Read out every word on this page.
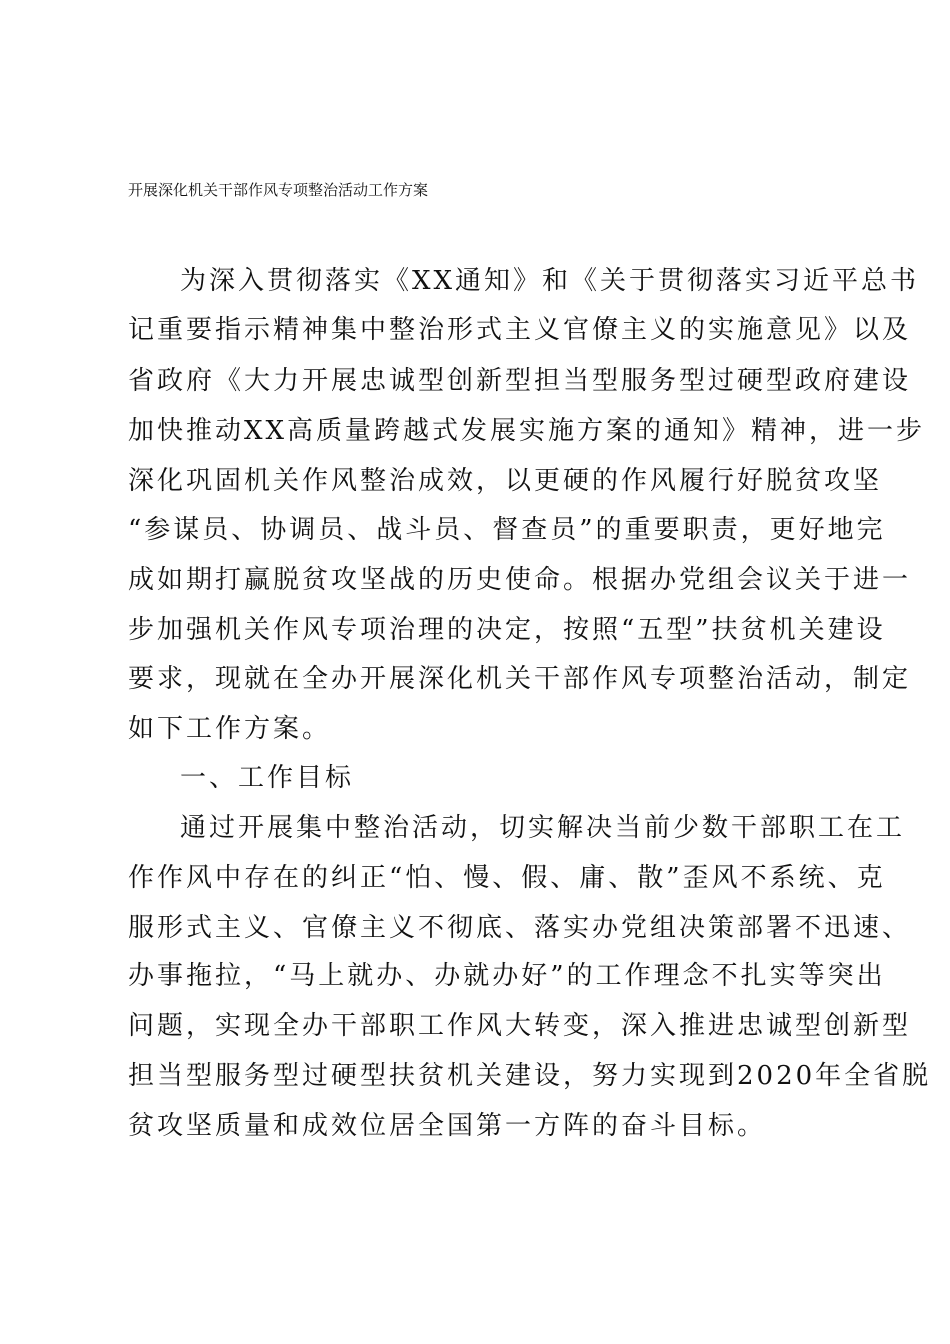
开展深化机关干部作风专项整治活动工作方案
为深入贯彻落实《XX通知》和《关于贯彻落实习近平总书
记重要指示精神集中整治形式主义官僚主义的实施意见》以及
省政府《大力开展忠诚型创新型担当型服务型过硬型政府建设
加快推动XX高质量跨越式发展实施方案的通知》精神，进一步
深化巩固机关作风整治成效，以更硬的作风履行好脱贫攻坚
“参谋员、协调员、战斗员、督查员”的重要职责，更好地完
成如期打赢脱贫攻坚战的历史使命。根据办党组会议关于进一
步加强机关作风专项治理的决定，按照“五型”扶贫机关建设
要求，现就在全办开展深化机关干部作风专项整治活动，制定
如下工作方案。
一、工作目标
通过开展集中整治活动，切实解决当前少数干部职工在工
作作风中存在的纠正“怕、慢、假、庸、散”歪风不系统、克
服形式主义、官僚主义不彻底、落实办党组决策部署不迅速、
办事拖拉，“马上就办、办就办好”的工作理念不扎实等突出
问题，实现全办干部职工作风大转变，深入推进忠诚型创新型
担当型服务型过硬型扶贫机关建设，努力实现到2020年全省脱
贫攻坚质量和成效位居全国第一方阵的奋斗目标。
